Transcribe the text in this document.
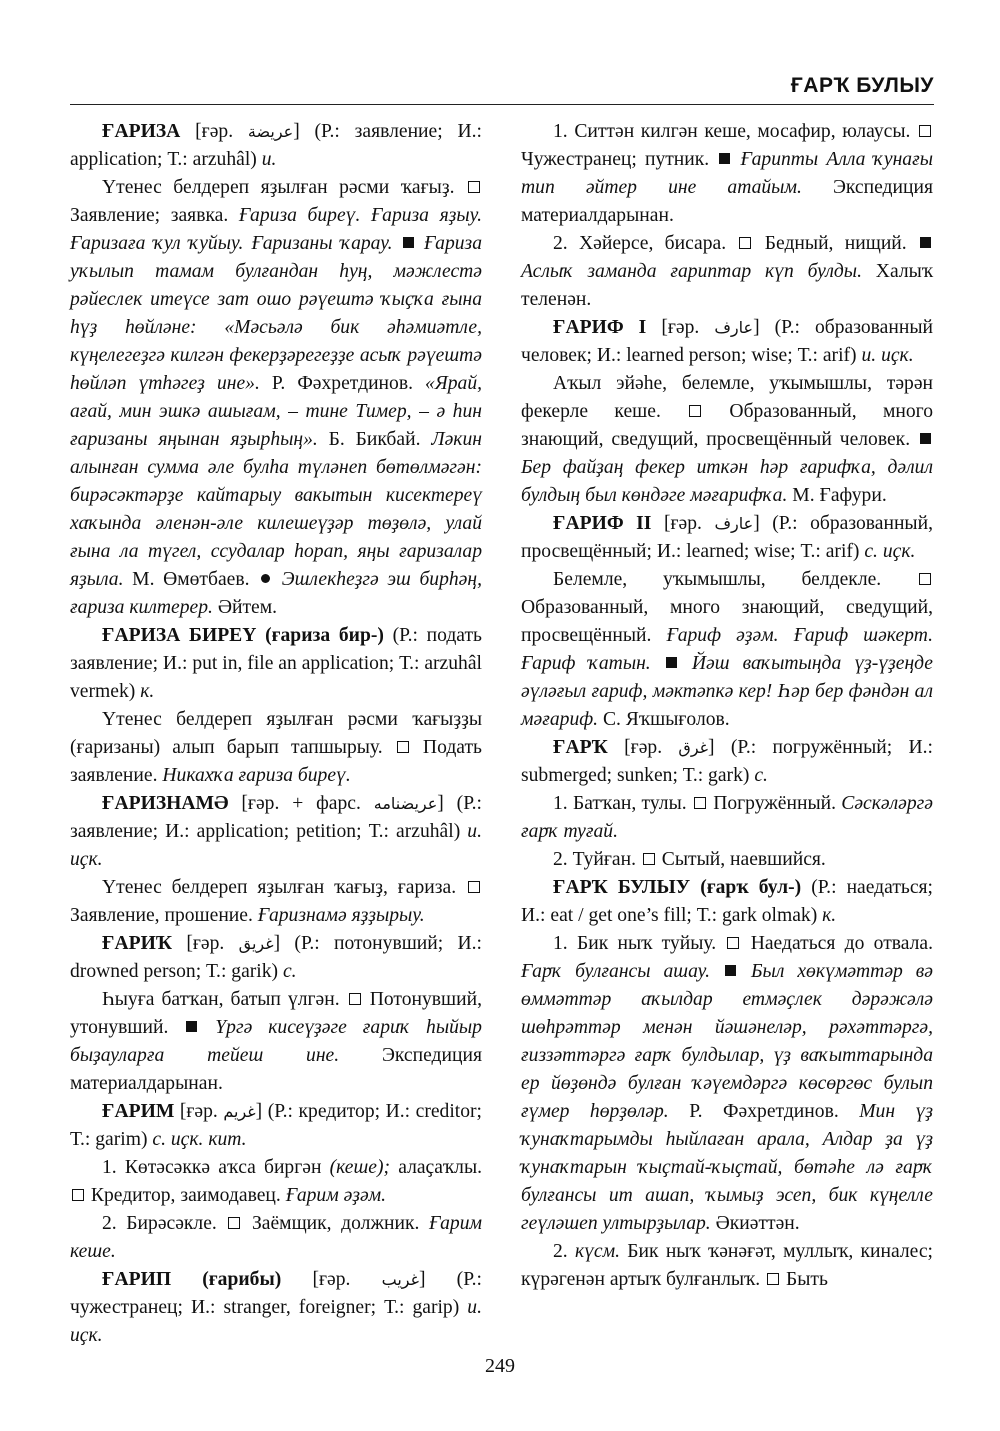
ҒАРҠ БУЛЫУ

ҒАРИЗА [ғәр. عريضة] (Р.: заявление; И.: application; Т.: arzuhâl) и.

Үтенес белдереп яҙылған рәсми ҡағыҙ.  Заявление; заявка. Ғариза биреү. Ғариза яҙыу. Ғаризаға ҡул ҡуйыу. Ғаризаны ҡарау.  Ғариза уҡылып тамам булғандан һуң, мәжлестә рәйеслек итеүсе зат ошо рәүештә ҡыҫҡа ғына һүҙ һөйләне: «Мәсьәлә бик әһәмиәтле, күңелегеҙгә килгән фекерҙәрегеҙҙе асыҡ рәүештә һөйләп үтһәгеҙ ине». Р. Фәхретдинов. «Ярай, ағай, мин эшкә ашығам, – тине Тимер, – ә һин ғаризаны яңынан яҙырһың». Б. Бикбай. Ләкин алынған сумма әле булһа түләнеп бөтөлмәгән: бирәсәктәрҙе кайтарыу вакытын кисектереү хаҡында әленән-әле килешеүҙәр төҙөлә, улай ғына ла түгел, ссудалар һорап, яңы ғаризалар яҙыла. М. Өмөтбаев.  Эшлекһеҙгә эш бирһәң, ғариза килтерер. Әйтем.

ҒАРИЗА БИРЕҮ (ғариза бир-) (Р.: подать заявление; И.: put in, file an application; Т.: arzuhâl vermek) к.

Үтенес белдереп яҙылған рәсми ҡағыҙҙы (ғаризаны) алып барып тапшырыу.  Подать заявление. Никахҡа ғариза биреү.

ҒАРИЗНАМӘ [ғәр. + фарс. عريضنامه] (Р.: заявление; И.: application; petition; Т.: arzuhâl) и. иҫк.

Үтенес белдереп яҙылған ҡағыҙ, ғариза.  Заявление, прошение. Ғаризнамә яҙҙырыу.

ҒАРИҠ [ғәр. غريق] (Р.: потонувший; И.: drowned person; Т.: garik) с.

Һыуға батҡан, батып үлгән.  Потонувший, утонувший.  Үргә кисеүҙәге ғариҡ һыйыр быҙауларға тейеш ине. Экспедиция материалдарынан.

ҒАРИМ [ғәр. غريم] (Р.: кредитор; И.: creditor; Т.: garim) с. иҫк. кит.

1. Көтәсәккә аҡса биргән (кеше); алаҫаҡлы.  Кредитор, заимодавец. Ғарим әҙәм.

2. Бирәсәкле.  Заёмщик, должник. Ғарим кеше.

ҒАРИП (ғарибы) [ғәр. غريب] (Р.: чужестранец; И.: stranger, foreigner; Т.: garip) и. иҫк.

1. Ситтән килгән кеше, мосафир, юлаусы.  Чужестранец; путник.  Ғарипты Алла ҡунағы тип әйтер ине атайым. Экспедиция материалдарынан.

2. Хәйерсе, бисара.  Бедный, нищий.  Аслыҡ заманда ғариптар күп булды. Халыҡ теленән.

ҒАРИФ I [ғәр. عارف] (Р.: образованный человек; И.: learned person; wise; Т.: arif) и. иҫк.

Аҡыл эйәһе, белемле, уҡымышлы, тәрән фекерле кеше.  Образованный, много знающий, сведущий, просвещённый человек.  Бер файҙаң фекер иткән һәр ғарифҡа, дәлил булдың был көндәге мәғарифҡа. М. Ғафури.

ҒАРИФ II [ғәр. عارف] (Р.: образованный, просвещённый; И.: learned; wise; Т.: arif) с. иҫк.

Белемле, уҡымышлы, белдекле.  Образованный, много знающий, сведущий, просвещённый. Ғариф әҙәм. Ғариф шәкерт. Ғариф ҡатын.  Йәш ваҡытыңда үҙ-үҙеңде әүләғыл ғариф, мәктәпкә кер! Һәр бер фәндән ал мәғариф. С. Яҡшығолов.

ҒАРҠ [ғәр. غرق] (Р.: погружённый; И.: submerged; sunken; Т.: gark) с.

1. Батҡан, тулы.  Погружённый. Сәскәләргә ғарҡ туғай.

2. Туйған.  Сытый, наевшийся.

ҒАРҠ БУЛЫУ (ғарҡ бул-) (Р.: наедаться; И.: eat / get one’s fill; Т.: gark olmak) к.

1. Бик ныҡ туйыу.  Наедаться до отвала. Ғарҡ булғансы ашау.  Был хөкүмәттәр вә өммәттәр аҡылдар етмәҫлек дәрәжәлә шөһрәттәр менән йәшәнеләр, рәхәттәргә, ғиззәттәргә ғарҡ булдылар, үҙ ваҡыттарында ер йөҙөндә булған ҡәүемдәргә көсөргөс булып ғүмер һөрҙөләр. Р. Фәхретдинов. Мин үҙ ҡунаҡтарымды һыйлаған арала, Алдар ҙа үҙ ҡунаҡтарын ҡыҫтай-ҡыҫтай, бөтәһе лә ғарҡ булғансы ит ашап, ҡымыҙ эсеп, бик күңелле геүләшеп ултырҙылар. Әкиәттән.

2. күсм. Бик ныҡ ҡәнәғәт, муллыҡ, киналес; күрәгенән артыҡ булғанлыҡ.  Быть

249
